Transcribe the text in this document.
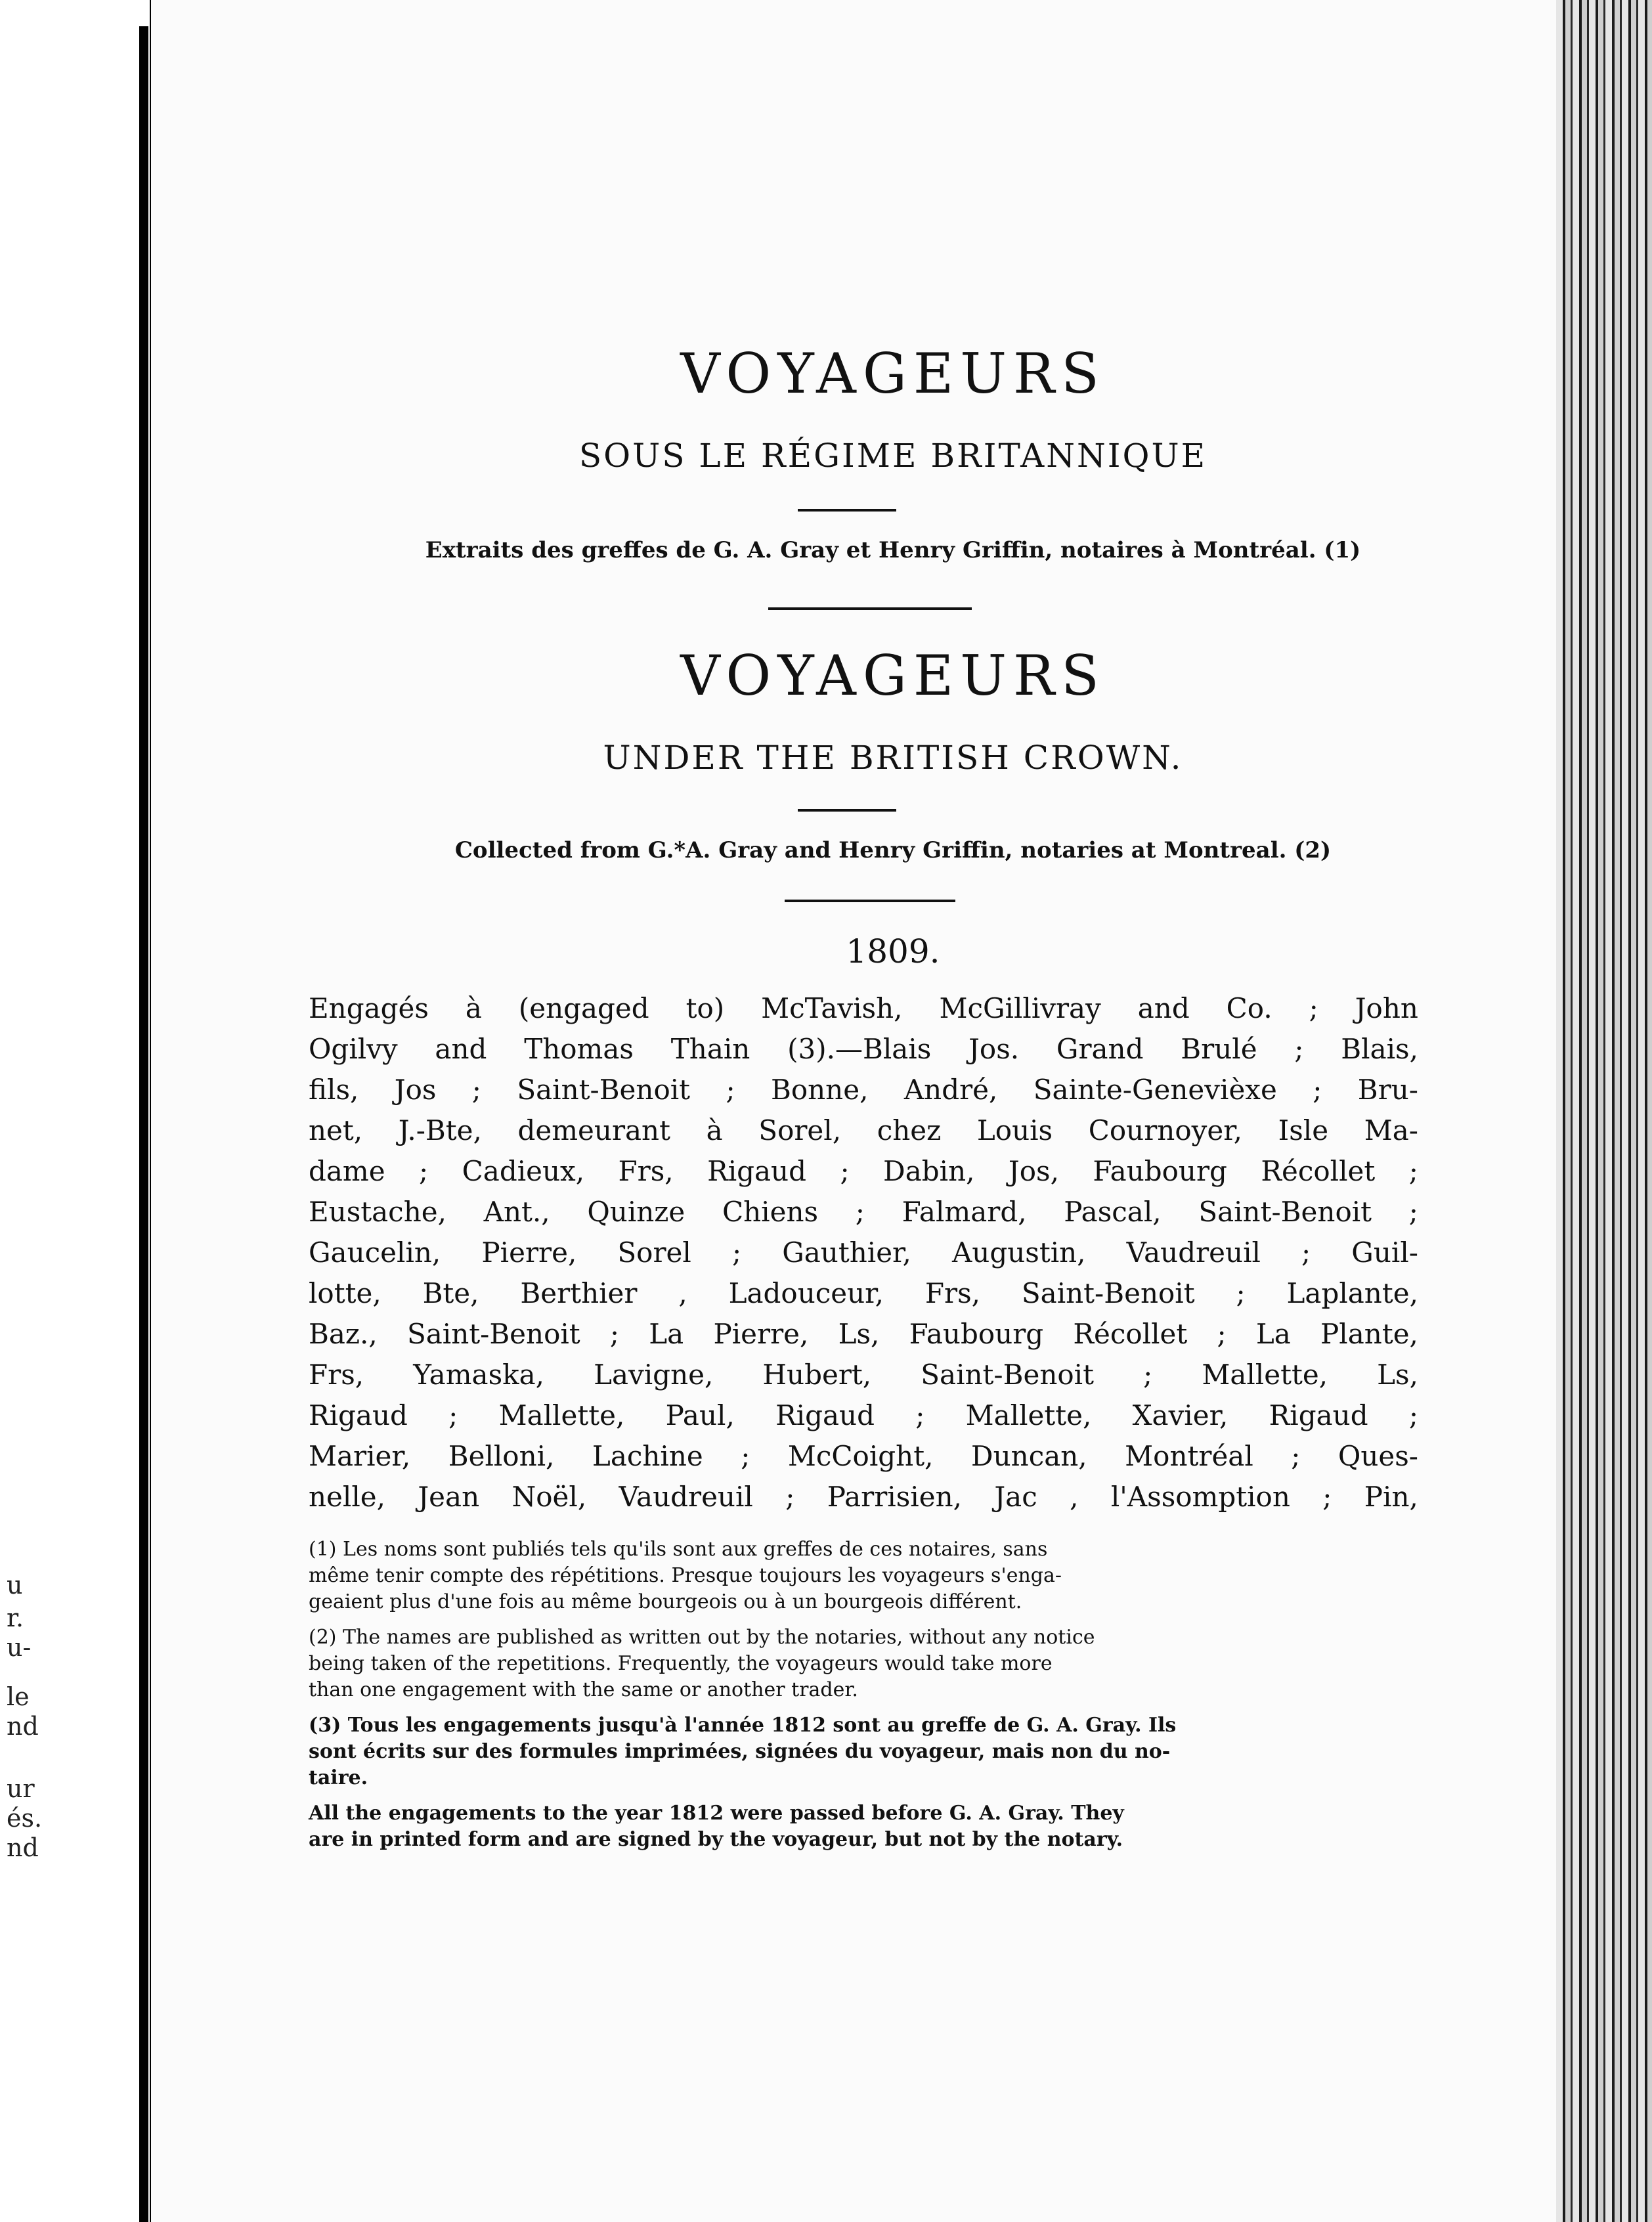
u
r.
u-
le
nd
ur
és.
nd
VOYAGEURS
SOUS LE RÉGIME BRITANNIQUE
Extraits des greffes de G. A. Gray et Henry Griffin, notaires à Montréal. (1)
VOYAGEURS
UNDER THE BRITISH CROWN.
Collected from G.*A. Gray and Henry Griffin, notaries at Montreal. (2)
1809.
Engagés à (engaged to) McTavish, McGillivray and Co. ; John
Ogilvy and Thomas Thain (3).—Blais Jos. Grand Brulé ; Blais,
fils, Jos ; Saint-Benoit ; Bonne, André, Sainte-Genevièxe ; Bru-
net, J.-Bte, demeurant à Sorel, chez Louis Cournoyer, Isle Ma-
dame ; Cadieux, Frs, Rigaud ; Dabin, Jos, Faubourg Récollet ;
Eustache, Ant., Quinze Chiens ; Falmard, Pascal, Saint-Benoit ;
Gaucelin, Pierre, Sorel ; Gauthier, Augustin, Vaudreuil ; Guil-
lotte, Bte, Berthier , Ladouceur, Frs, Saint-Benoit ; Laplante,
Baz., Saint-Benoit ; La Pierre, Ls, Faubourg Récollet ; La Plante,
Frs, Yamaska, Lavigne, Hubert, Saint-Benoit ; Mallette, Ls,
Rigaud ; Mallette, Paul, Rigaud ; Mallette, Xavier, Rigaud ;
Marier, Belloni, Lachine ; McCoight, Duncan, Montréal ; Ques-
nelle, Jean Noël, Vaudreuil ; Parrisien, Jac , l'Assomption ; Pin,
(1) Les noms sont publiés tels qu'ils sont aux greffes de ces notaires, sans
même tenir compte des répétitions. Presque toujours les voyageurs s'enga-
geaient plus d'une fois au même bourgeois ou à un bourgeois différent.
(2) The names are published as written out by the notaries, without any notice
being taken of the repetitions. Frequently, the voyageurs would take more
than one engagement with the same or another trader.
(3) Tous les engagements jusqu'à l'année 1812 sont au greffe de G. A. Gray. Ils
sont écrits sur des formules imprimées, signées du voyageur, mais non du no-
taire.
All the engagements to the year 1812 were passed before G. A. Gray. They
are in printed form and are signed by the voyageur, but not by the notary.
